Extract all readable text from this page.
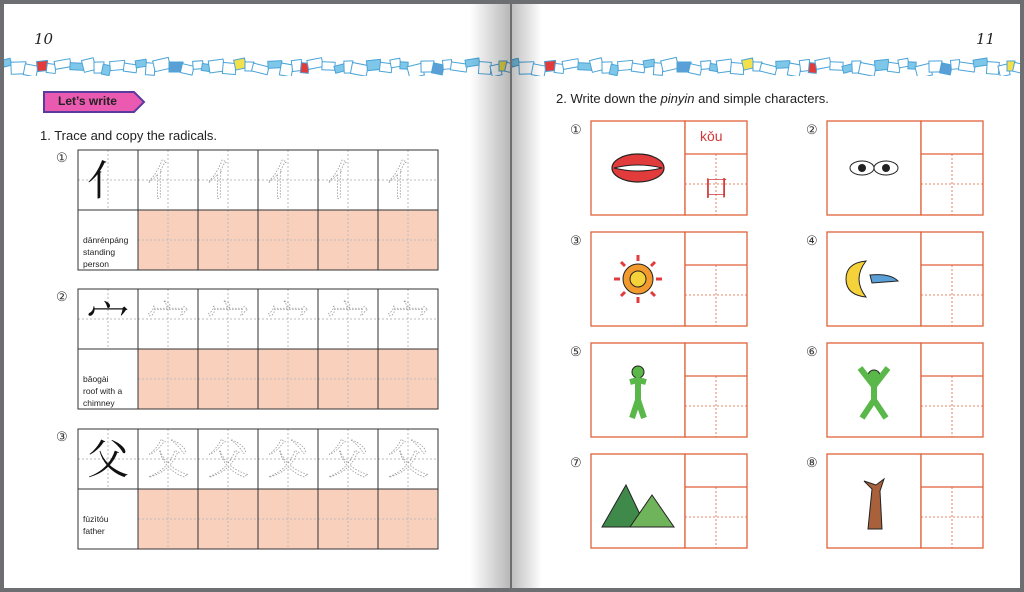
10
Let’s write
1. Trace and copy the radicals.
① 亻 亻 亻 亻 亻 亻
dānrénpáng
standing
person
② 宀 宀 宀 宀 宀 宀
bǎogài
roof with a
chimney
③ 父 父 父 父 父 父
fùzìtóu
father
11
2. Write down the pinyin and simple characters.
①	kǒu
口
②
③	④
⑤	⑥
⑦	⑧
